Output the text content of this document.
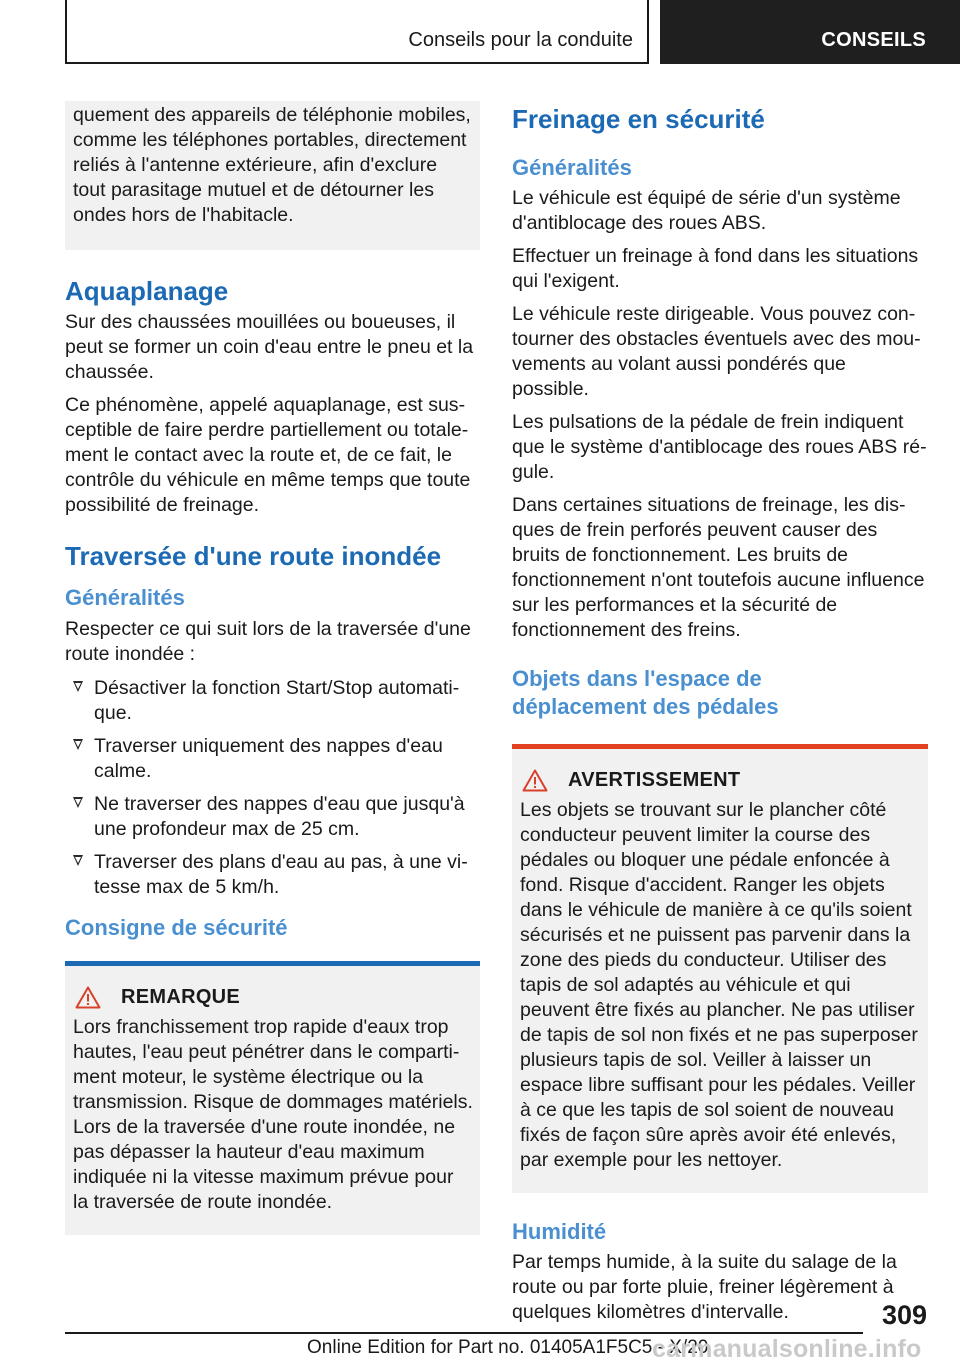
Conseils pour la conduite	CONSEILS

quement des appareils de téléphonie mobiles, comme les téléphones portables, directement reliés à l'antenne extérieure, afin d'exclure tout parasitage mutuel et de détourner les ondes hors de l'habitacle.

Aquaplanage

Sur des chaussées mouillées ou boueuses, il peut se former un coin d'eau entre le pneu et la chaussée.

Ce phénomène, appelé aquaplanage, est susceptible de faire perdre partiellement ou totalement le contact avec la route et, de ce fait, le contrôle du véhicule en même temps que toute possibilité de freinage.

Traversée d'une route inondée
Généralités

Respecter ce qui suit lors de la traversée d'une route inondée :

Désactiver la fonction Start/Stop automatique.
Traverser uniquement des nappes d'eau calme.
Ne traverser des nappes d'eau que jusqu'à une profondeur max de 25 cm.
Traverser des plans d'eau au pas, à une vitesse max de 5 km/h.
Consigne de sécurité
REMARQUE

Lors franchissement trop rapide d'eaux trop hautes, l'eau peut pénétrer dans le compartiment moteur, le système électrique ou la transmission. Risque de dommages matériels. Lors de la traversée d'une route inondée, ne pas dépasser la hauteur d'eau maximum indiquée ni la vitesse maximum prévue pour la traversée de route inondée.

Freinage en sécurité
Généralités

Le véhicule est équipé de série d'un système d'antiblocage des roues ABS.

Effectuer un freinage à fond dans les situations qui l'exigent.

Le véhicule reste dirigeable. Vous pouvez contourner des obstacles éventuels avec des mouvements au volant aussi pondérés que possible.

Les pulsations de la pédale de frein indiquent que le système d'antiblocage des roues ABS régule.

Dans certaines situations de freinage, les disques de frein perforés peuvent causer des bruits de fonctionnement. Les bruits de fonctionnement n'ont toutefois aucune influence sur les performances et la sécurité de fonctionnement des freins.

Objets dans l'espace de déplacement des pédales
AVERTISSEMENT

Les objets se trouvant sur le plancher côté conducteur peuvent limiter la course des pédales ou bloquer une pédale enfoncée à fond. Risque d'accident. Ranger les objets dans le véhicule de manière à ce qu'ils soient sécurisés et ne puissent pas parvenir dans la zone des pieds du conducteur. Utiliser des tapis de sol adaptés au véhicule et qui peuvent être fixés au plancher. Ne pas utiliser de tapis de sol non fixés et ne pas superposer plusieurs tapis de sol. Veiller à laisser un espace libre suffisant pour les pédales. Veiller à ce que les tapis de sol soient de nouveau fixés de façon sûre après avoir été enlevés, par exemple pour les nettoyer.

Humidité

Par temps humide, à la suite du salage de la route ou par forte pluie, freiner légèrement à quelques kilomètres d'intervalle.	309
Online Edition for Part no. 01405A1F5C5 - X/20
carmanualsonline.info
